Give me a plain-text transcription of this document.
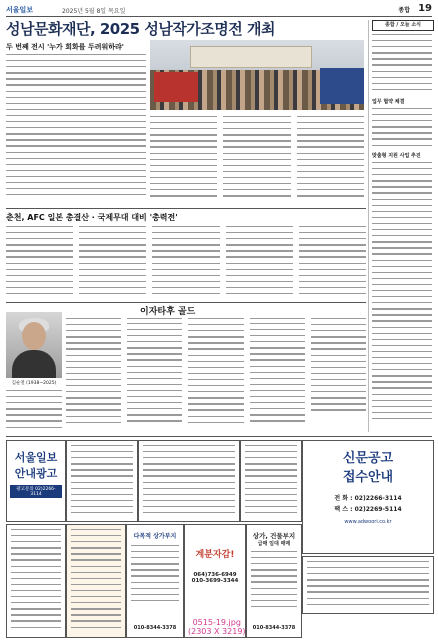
서울일보	2025년 5월 8일 목요일	종합 19
성남문화재단, 2025 성남작가조명전 개최	종합 / 오늘 소식
업무 협약 체결
맞춤형 지원 사업 추진
두 번째 전시 '누가 회화를 두려워하랴'
춘천, AFC 일본 총결산 · 국제무대 대비 '총력전'
김순철 (1938~2025)
이자타후 골드
서울일보
안내광고
광고문의 02)2266-3114
신문공고
접수안내
전 화 : 02)2266-3114
팩 스 : 02)2269-5114
www.adwoori.co.kr
다목적 상가부지
010-8344-3378
계분자감!
064)736-6949
010-3699-3344
상가, 건물부지
급매 임대 매매
010-8344-3378
0515-19.jpg
(2303 X 3219)
